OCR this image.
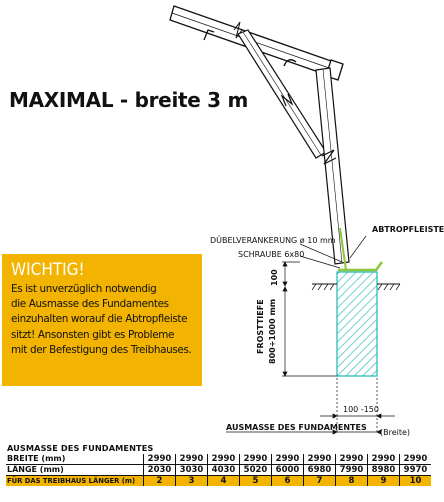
MAXIMAL - breite 3 m

WICHTIG!

Es ist unverzüglich notwendig
die Ausmasse des Fundamentes
einzuhalten worauf die Abtropfleiste
sitzt! Ansonsten gibt es Probleme
mit der Befestigung des Treibhauses.

ABTROPFLEISTE
DÜBELVERANKERUNG ø 10 mm
SCHRAUBE 6x80
100
FROSTTIEFE 800÷1000 mm
100 -150
AUSMASSE DES FUNDAMENTES
(Breite)
AUSMASSE DES FUNDAMENTES
BREITE (mm)	2990	2990	2990	2990	2990	2990	2990	2990	2990
LÄNGE (mm)	2030	3030	4030	5020	6000	6980	7990	8980	9970
FÜR DAS TREIBHAUS LÄNGER (m)	2	3	4	5	6	7	8	9	10
